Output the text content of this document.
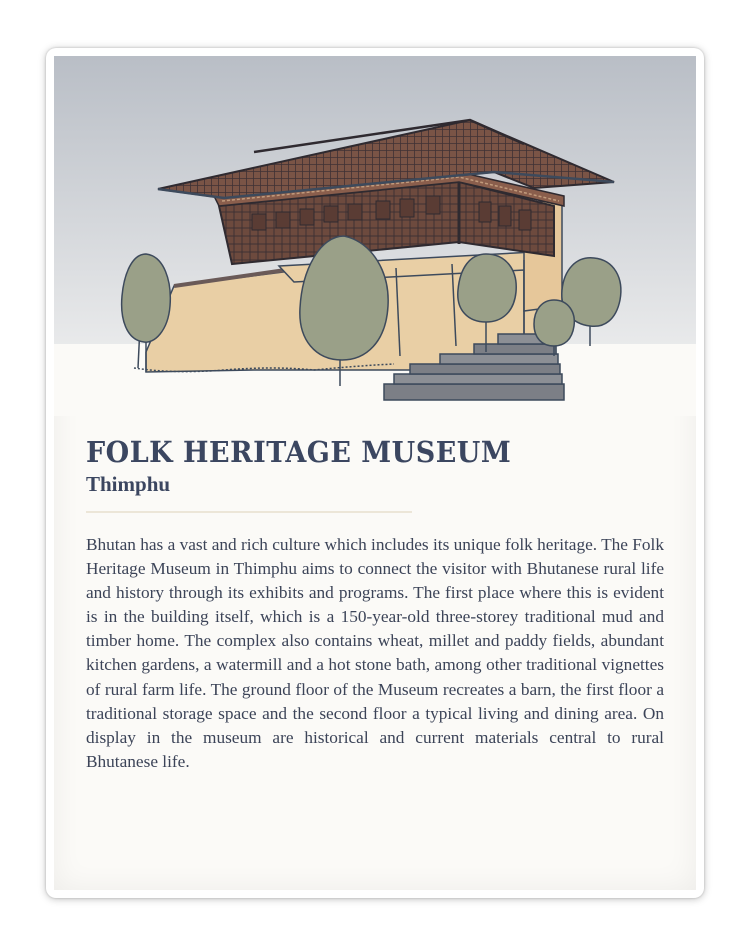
FOLK HERITAGE MUSEUM
Thimphu

Bhutan has a vast and rich culture which includes its unique folk heritage. The Folk Heritage Museum in Thimphu aims to connect the visitor with Bhutanese rural life and history through its exhibits and programs. The first place where this is evident is in the building itself, which is a 150-year-old three-storey traditional mud and timber home. The complex also contains wheat, millet and paddy fields, abundant kitchen gardens, a watermill and a hot stone bath, among other traditional vignettes of rural farm life. The ground floor of the Museum recreates a barn, the first floor a traditional storage space and the second floor a typical living and dining area. On display in the museum are historical and current materials central to rural Bhutanese life.
